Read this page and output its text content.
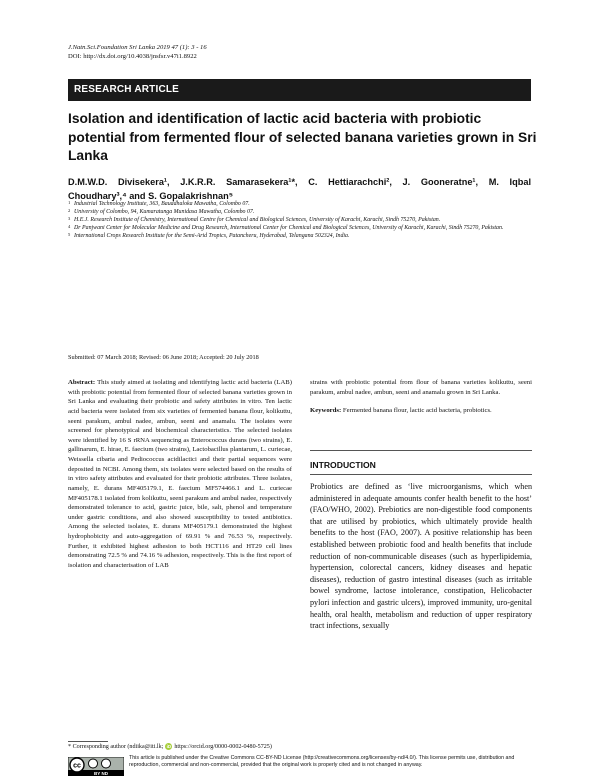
J.Natn.Sci.Foundation Sri Lanka 2019 47 (1): 3 - 16
DOI: http://dx.doi.org/10.4038/jnsfsr.v47i1.8922
RESEARCH ARTICLE
Isolation and identification of lactic acid bacteria with probiotic potential from fermented flour of selected banana varieties grown in Sri Lanka
D.M.W.D. Divisekera¹, J.K.R.R. Samarasekera¹*, C. Hettiarachchi², J. Gooneratne¹, M. Iqbal
Choudhary³,⁴ and S. Gopalakrishnan⁵
1 Industrial Technology Institute, 363, Bauddhaloka Mawatha, Colombo 07.
2 University of Colombo, 94, Kumaratunga Munidasa Mawatha, Colombo 07.
3 H.E.J. Research Institute of Chemistry, International Centre for Chemical and Biological Sciences, University of Karachi, Karachi, Sindh 75270, Pakistan.
4 Dr Panjwani Center for Molecular Medicine and Drug Research, International Center for Chemical and Biological Sciences, University of Karachi, Karachi, Sindh 75270, Pakistan.
5 International Crops Research Institute for the Semi-Arid Tropics, Patancheru, Hyderabad, Telangana 502324, India.
Submitted: 07 March 2018; Revised: 06 June 2018; Accepted: 20 July 2018

Abstract: This study aimed at isolating and identifying lactic acid bacteria (LAB) with probiotic potential from fermented flour of selected banana varieties grown in Sri Lanka and evaluating their probiotic and safety attributes in vitro. Ten lactic acid bacteria were isolated from six varieties of fermented banana flour, kolikuttu, seeni parakum, ambul nadee, ambun, seeni and anamalu. The isolates were screened for phenotypical and biochemical characteristics. The selected isolates were identified by 16 S rRNA sequencing as Enterococcus durans (two strains), E. gallinarum, E. hirae, E. faecium (two strains), Lactobacillus plantarum, L. curiecae, Weissella cibaria and Pediococcus acidilactici and their partial sequences were deposited in NCBI. Among them, six isolates were selected based on the results of in vitro safety attributes and evaluated for their probiotic attributes. Three isolates, namely, E. durans MF405179.1, E. faecium MF574466.1 and L. curiecae MF405178.1 isolated from kolikuttu, seeni parakum and ambul nadee, respectively demonstrated tolerance to acid, gastric juice, bile, salt, phenol and temperature under gastric conditions, and also showed susceptibility to tested antibiotics. Among the selected isolates, E. durans MF405179.1 demonstrated the highest hydrophobicity and auto-aggregation of 69.91 % and 76.53 %, respectively. Further, it exhibited highest adhesion to both HCT116 and HT29 cell lines demonstrating 72.5 % and 74.16 % adhesion, respectively. This is the first report of isolation and characterisation of LAB

strains with probiotic potential from flour of banana varieties kolikuttu, seeni parakum, ambul nadee, ambun, seeni and anamalu grown in Sri Lanka.

Keywords: Fermented banana flour, lactic acid bacteria, probiotics.

INTRODUCTION

Probiotics are defined as ‘live microorganisms, which when administered in adequate amounts confer health benefit to the host’ (FAO/WHO, 2002). Prebiotics are non-digestible food components that are utilised by probiotics, which ultimately provide health benefits to the host (FAO, 2007). A positive relationship has been established between probiotic food and health benefits that include reduction of non-communicable diseases (such as hyperlipidemia, hypertension, colorectal cancers, kidney diseases and hepatic diseases), reduction of gastro intestinal diseases (such as irritable bowel syndrome, lactose intolerance, constipation, Helicobacter pylori infection and gastric ulcers), improved immunity, uro-genital health, oral health, metabolism and reduction of upper respiratory tract infections, sexually

* Corresponding author (ndiika@iti.lk; iD https://orcid.org/0000-0002-0480-5725)
cc
BY ND
This article is published under the Creative Commons CC-BY-ND License (http://creativecommons.org/licenses/by-nd/4.0/). This license permits use, distribution and reproduction, commercial and non-commercial, provided that the original work is properly cited and is not changed in anyway.
